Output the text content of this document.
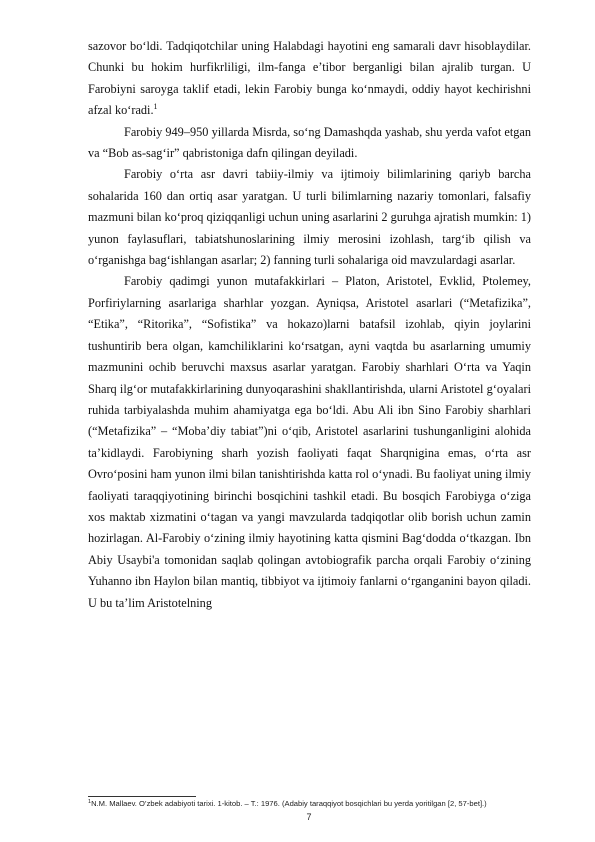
sazovor bo‘ldi. Tadqiqotchilar uning Halabdagi hayotini eng samarali davr hisoblaydilar. Chunki bu hokim hurfikrliligi, ilm-fanga e’tibor berganligi bilan ajralib turgan. U Farobiyni saroyga taklif etadi, lekin Farobiy bunga ko‘nmaydi, oddiy hayot kechirishni afzal ko‘radi.$^1$

Farobiy 949–950 yillarda Misrda, so‘ng Damashqda yashab, shu yerda vafot etgan va “Bob as-sag‘ir” qabristoniga dafn qilingan deyiladi.

Farobiy o‘rta asr davri tabiiy-ilmiy va ijtimoiy bilimlarining qariyb barcha sohalarida 160 dan ortiq asar yaratgan. U turli bilimlarning nazariy tomonlari, falsafiy mazmuni bilan ko‘proq qiziqqanligi uchun uning asarlarini 2 guruhga ajratish mumkin: 1) yunon faylasuflari, tabiatshunoslarining ilmiy merosini izohlash, targ‘ib qilish va o‘rganishga bag‘ishlangan asarlar; 2) fanning turli sohalariga oid mavzulardagi asarlar.

Farobiy qadimgi yunon mutafakkirlari – Platon, Aristotel, Evklid, Ptolemey, Porfiriylarning asarlariga sharhlar yozgan. Ayniqsa, Aristotel asarlari (“Metafizika”, “Etika”, “Ritorika”, “Sofistika” va hokazo)larni batafsil izohlab, qiyin joylarini tushuntirib bera olgan, kamchiliklarini ko‘rsatgan, ayni vaqtda bu asarlarning umumiy mazmunini ochib beruvchi maxsus asarlar yaratgan. Farobiy sharhlari O‘rta va Yaqin Sharq ilg‘or mutafakkirlarining dunyoqarashini shakllantirishda, ularni Aristotel g‘oyalari ruhida tarbiyalashda muhim ahamiyatga ega bo‘ldi. Abu Ali ibn Sino Farobiy sharhlari (“Metafizika” – “Moba’diy tabiat”)ni o‘qib, Aristotel asarlarini tushunganligini alohida ta’kidlaydi. Farobiyning sharh yozish faoliyati faqat Sharqnigina emas, o‘rta asr Ovro‘posini ham yunon ilmi bilan tanishtirishda katta rol o‘ynadi. Bu faoliyat uning ilmiy faoliyati taraqqiyotining birinchi bosqichini tashkil etadi. Bu bosqich Farobiyga o‘ziga xos maktab xizmatini o‘tagan va yangi mavzularda tadqiqotlar olib borish uchun zamin hozirlagan. Al-Farobiy o‘zining ilmiy hayotining katta qismini Bag‘dodda o‘tkazgan. Ibn Abiy Usaybi'a tomonidan saqlab qolingan avtobiografik parcha orqali Farobiy o‘zining Yuhanno ibn Haylon bilan mantiq, tibbiyot va ijtimoiy fanlarni o‘rganganini bayon qiladi. U bu ta’lim Aristotelning

$^1$N.M. Mallaev. O’zbek adabiyoti tarixi. 1-kitob. – T.: 1976. (Adabiy taraqqiyot bosqichlari bu yerda yoritilgan [2, 57-bet].)
7
